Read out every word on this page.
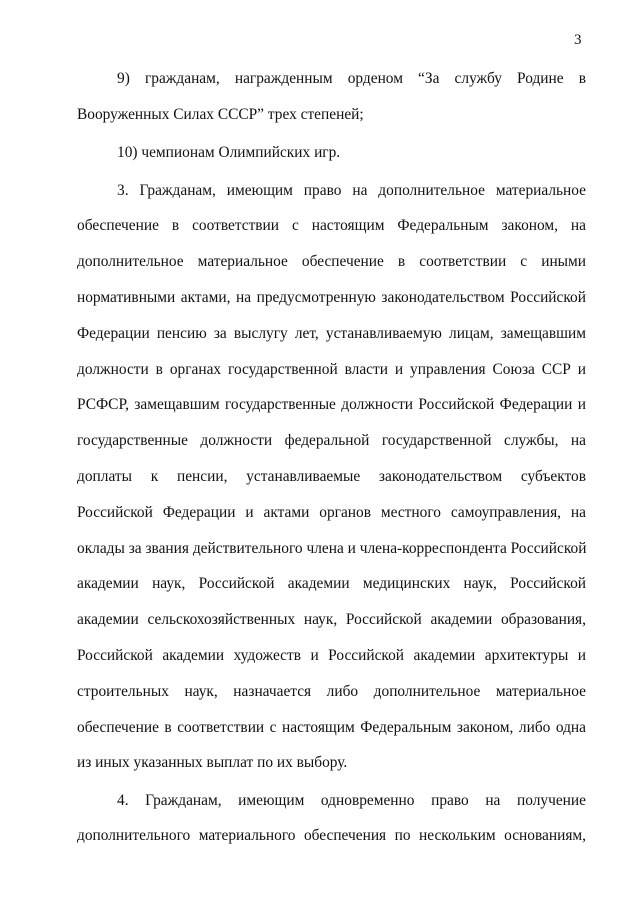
3
9) гражданам, награжденным орденом “За службу Родине в
Вооруженных Силах СССР” трех степеней;
10) чемпионам Олимпийских игр.
3. Гражданам, имеющим право на дополнительное материальное
обеспечение в соответствии с настоящим Федеральным законом, на
дополнительное материальное обеспечение в соответствии с иными
нормативными актами, на предусмотренную законодательством Российской
Федерации пенсию за выслугу лет, устанавливаемую лицам, замещавшим
должности в органах государственной власти и управления Союза ССР и
РСФСР, замещавшим государственные должности Российской Федерации и
государственные должности федеральной государственной службы, на
доплаты к пенсии, устанавливаемые законодательством субъектов
Российской Федерации и актами органов местного самоуправления, на
оклады за звания действительного члена и члена-корреспондента Российской
академии наук, Российской академии медицинских наук, Российской
академии сельскохозяйственных наук, Российской академии образования,
Российской академии художеств и Российской академии архитектуры и
строительных наук, назначается либо дополнительное материальное
обеспечение в соответствии с настоящим Федеральным законом, либо одна
из иных указанных выплат по их выбору.
4. Гражданам, имеющим одновременно право на получение
дополнительного материального обеспечения по нескольким основаниям,
